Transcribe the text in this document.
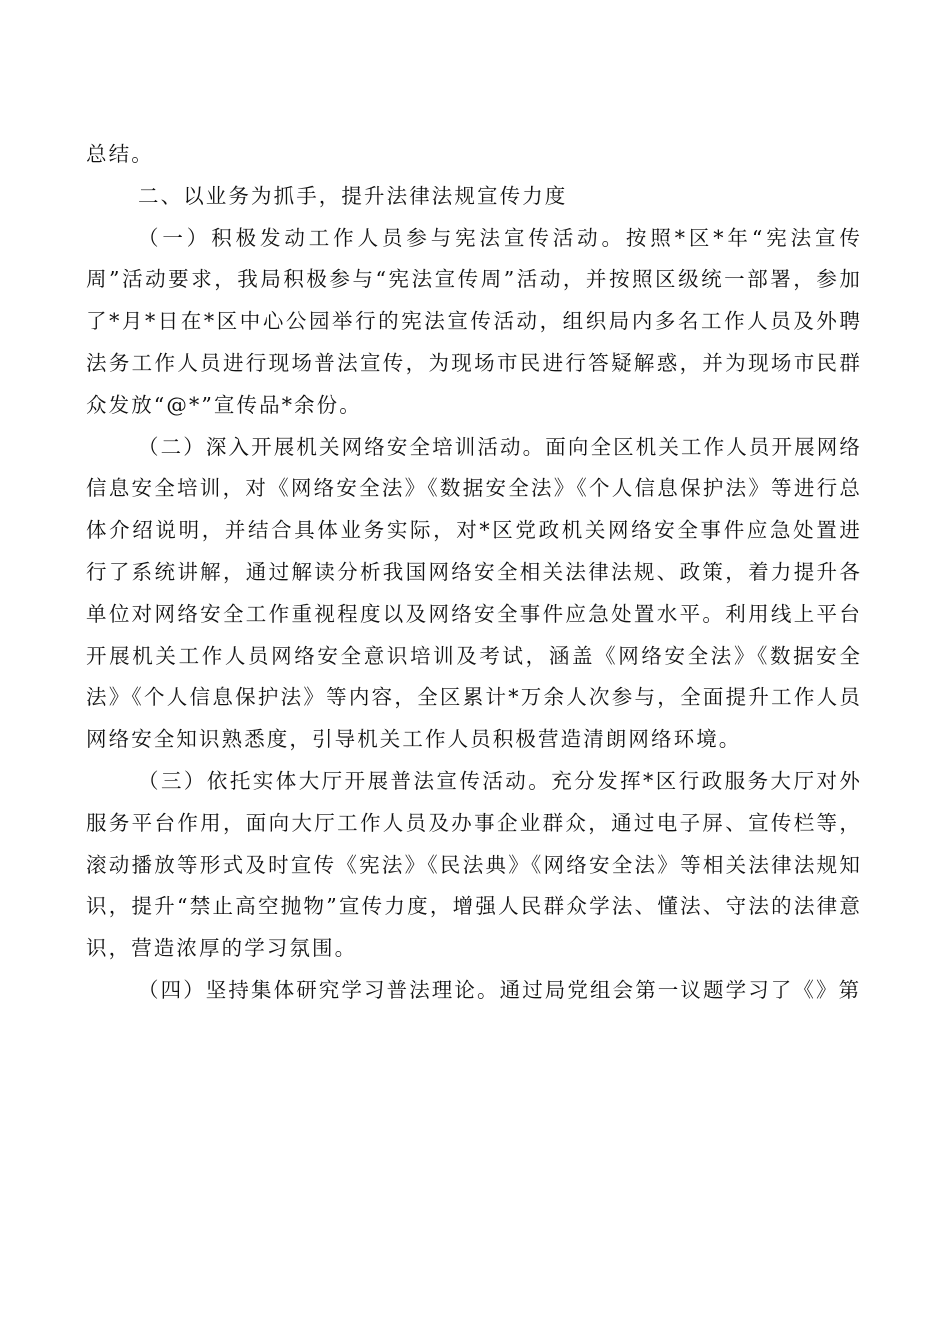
总结。

二、以业务为抓手，提升法律法规宣传力度

（一）积极发动工作人员参与宪法宣传活动。按照*区*年“宪法宣传周”活动要求，我局积极参与“宪法宣传周”活动，并按照区级统一部署，参加了*月*日在*区中心公园举行的宪法宣传活动，组织局内多名工作人员及外聘法务工作人员进行现场普法宣传，为现场市民进行答疑解惑，并为现场市民群众发放“@*”宣传品*余份。

（二）深入开展机关网络安全培训活动。面向全区机关工作人员开展网络信息安全培训，对《网络安全法》《数据安全法》《个人信息保护法》等进行总体介绍说明，并结合具体业务实际，对*区党政机关网络安全事件应急处置进行了系统讲解，通过解读分析我国网络安全相关法律法规、政策，着力提升各单位对网络安全工作重视程度以及网络安全事件应急处置水平。利用线上平台开展机关工作人员网络安全意识培训及考试，涵盖《网络安全法》《数据安全法》《个人信息保护法》等内容，全区累计*万余人次参与，全面提升工作人员网络安全知识熟悉度，引导机关工作人员积极营造清朗网络环境。

（三）依托实体大厅开展普法宣传活动。充分发挥*区行政服务大厅对外服务平台作用，面向大厅工作人员及办事企业群众，通过电子屏、宣传栏等，滚动播放等形式及时宣传《宪法》《民法典》《网络安全法》等相关法律法规知识，提升“禁止高空抛物”宣传力度，增强人民群众学法、懂法、守法的法律意识，营造浓厚的学习氛围。

（四）坚持集体研究学习普法理论。通过局党组会第一议题学习了《》第
